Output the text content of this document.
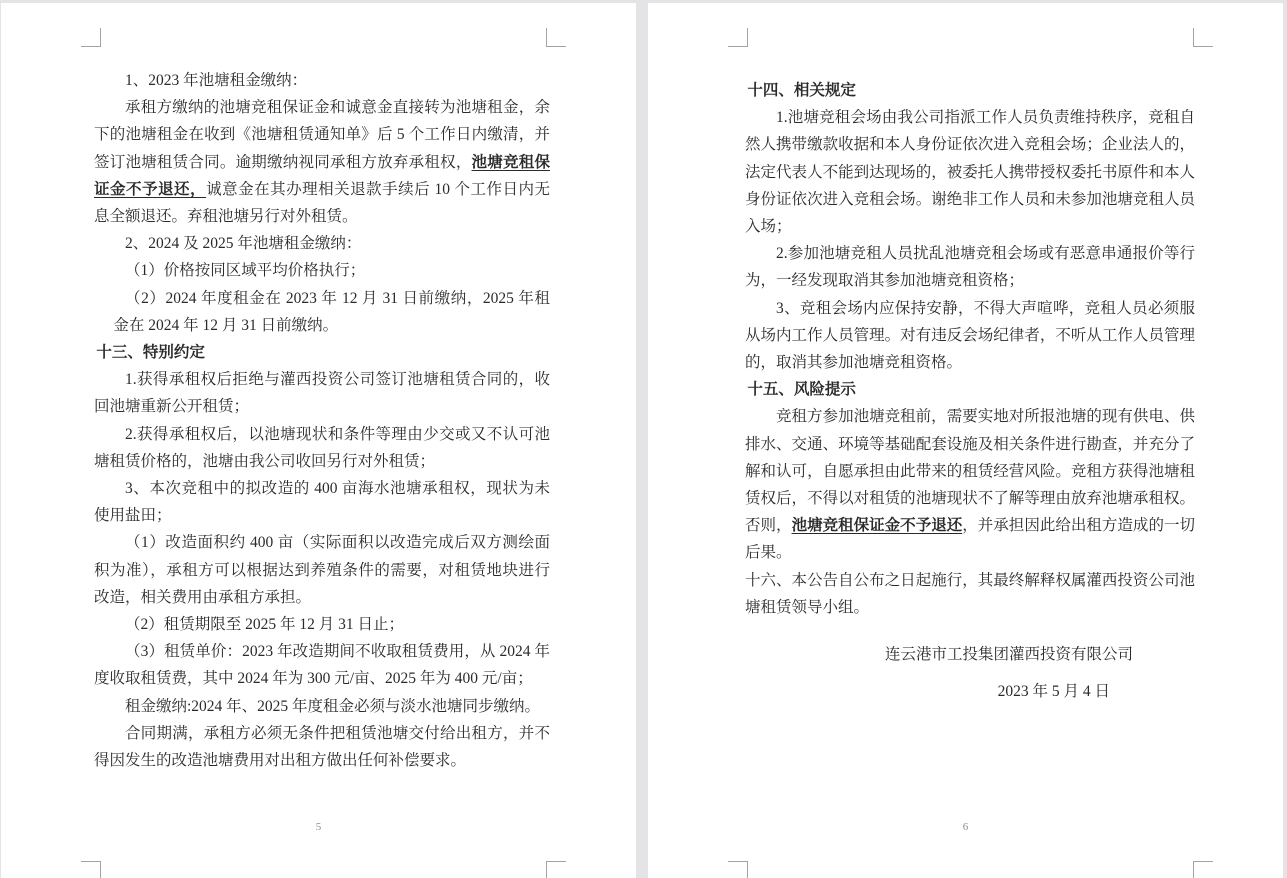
1、2023 年池塘租金缴纳：

承租方缴纳的池塘竞租保证金和诚意金直接转为池塘租金，余下的池塘租金在收到《池塘租赁通知单》后 5 个工作日内缴清，并签订池塘租赁合同。逾期缴纳视同承租方放弃承租权，池塘竞租保证金不予退还，诚意金在其办理相关退款手续后 10 个工作日内无息全额退还。弃租池塘另行对外租赁。

2、2024 及 2025 年池塘租金缴纳：

（1）价格按同区域平均价格执行；

（2）2024 年度租金在 2023 年 12 月 31 日前缴纳，2025 年租金在 2024 年 12 月 31 日前缴纳。

十三、特别约定

1.获得承租权后拒绝与灌西投资公司签订池塘租赁合同的，收回池塘重新公开租赁；

2.获得承租权后，以池塘现状和条件等理由少交或又不认可池塘租赁价格的，池塘由我公司收回另行对外租赁；

3、本次竞租中的拟改造的 400 亩海水池塘承租权，现状为未使用盐田；

（1）改造面积约 400 亩（实际面积以改造完成后双方测绘面积为准），承租方可以根据达到养殖条件的需要，对租赁地块进行改造，相关费用由承租方承担。

（2）租赁期限至 2025 年 12 月 31 日止；

（3）租赁单价：2023 年改造期间不收取租赁费用，从 2024 年度收取租赁费，其中 2024 年为 300 元/亩、2025 年为 400 元/亩；

租金缴纳:2024 年、2025 年度租金必须与淡水池塘同步缴纳。

合同期满，承租方必须无条件把租赁池塘交付给出租方，并不得因发生的改造池塘费用对出租方做出任何补偿要求。

5

十四、相关规定

1.池塘竞租会场由我公司指派工作人员负责维持秩序，竞租自然人携带缴款收据和本人身份证依次进入竞租会场；企业法人的，法定代表人不能到达现场的，被委托人携带授权委托书原件和本人身份证依次进入竞租会场。谢绝非工作人员和未参加池塘竞租人员入场；

2.参加池塘竞租人员扰乱池塘竞租会场或有恶意串通报价等行为，一经发现取消其参加池塘竞租资格；

3、竞租会场内应保持安静，不得大声喧哗，竞租人员必须服从场内工作人员管理。对有违反会场纪律者，不听从工作人员管理的，取消其参加池塘竞租资格。

十五、风险提示

竞租方参加池塘竞租前，需要实地对所报池塘的现有供电、供排水、交通、环境等基础配套设施及相关条件进行勘查，并充分了解和认可，自愿承担由此带来的租赁经营风险。竞租方获得池塘租赁权后，不得以对租赁的池塘现状不了解等理由放弃池塘承租权。否则，池塘竞租保证金不予退还，并承担因此给出租方造成的一切后果。

十六、本公告自公布之日起施行，其最终解释权属灌西投资公司池塘租赁领导小组。

连云港市工投集团灌西投资有限公司

2023 年 5 月 4 日

6
